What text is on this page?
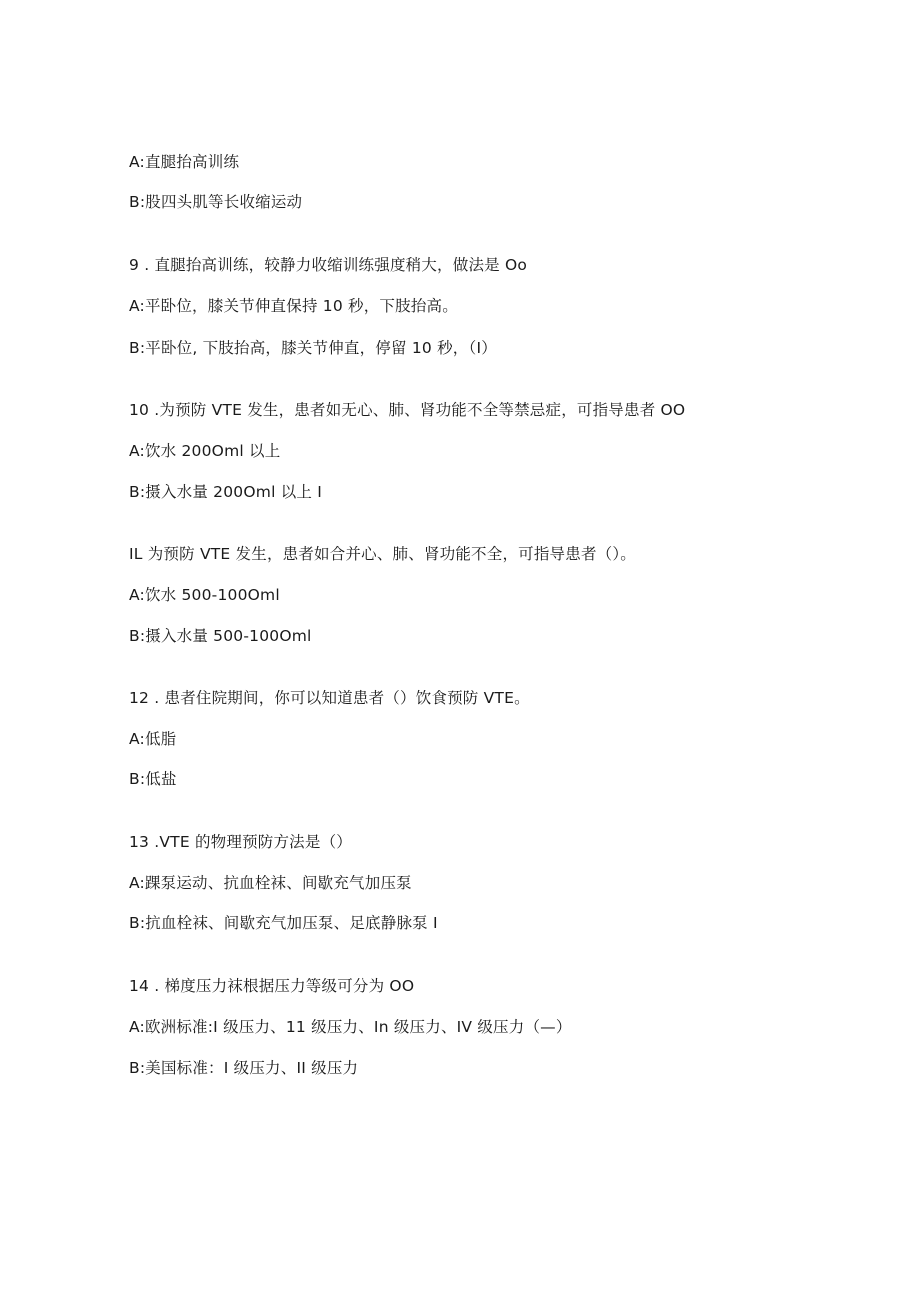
A:直腿抬高训练
B:股四头肌等长收缩运动
9 . 直腿抬高训练，较静力收缩训练强度稍大，做法是 Oo
A:平卧位，膝关节伸直保持 10 秒，下肢抬高。
B:平卧位, 下肢抬高，膝关节伸直，停留 10 秒，（I）
10 .为预防 VTE 发生，患者如无心、肺、肾功能不全等禁忌症，可指导患者 OO
A:饮水 200Oml 以上
B:摄入水量 200Oml 以上 I
IL 为预防 VTE 发生，患者如合并心、肺、肾功能不全，可指导患者（）。
A:饮水 500-100Oml
B:摄入水量 500-100Oml
12 . 患者住院期间，你可以知道患者（）饮食预防 VTE。
A:低脂
B:低盐
13 .VTE 的物理预防方法是（）
A:踝泵运动、抗血栓袜、间歇充气加压泵
B:抗血栓袜、间歇充气加压泵、足底静脉泵 I
14 . 梯度压力袜根据压力等级可分为 OO
A:欧洲标准:I 级压力、11 级压力、In 级压力、IV 级压力（—）
B:美国标准：I 级压力、II 级压力
